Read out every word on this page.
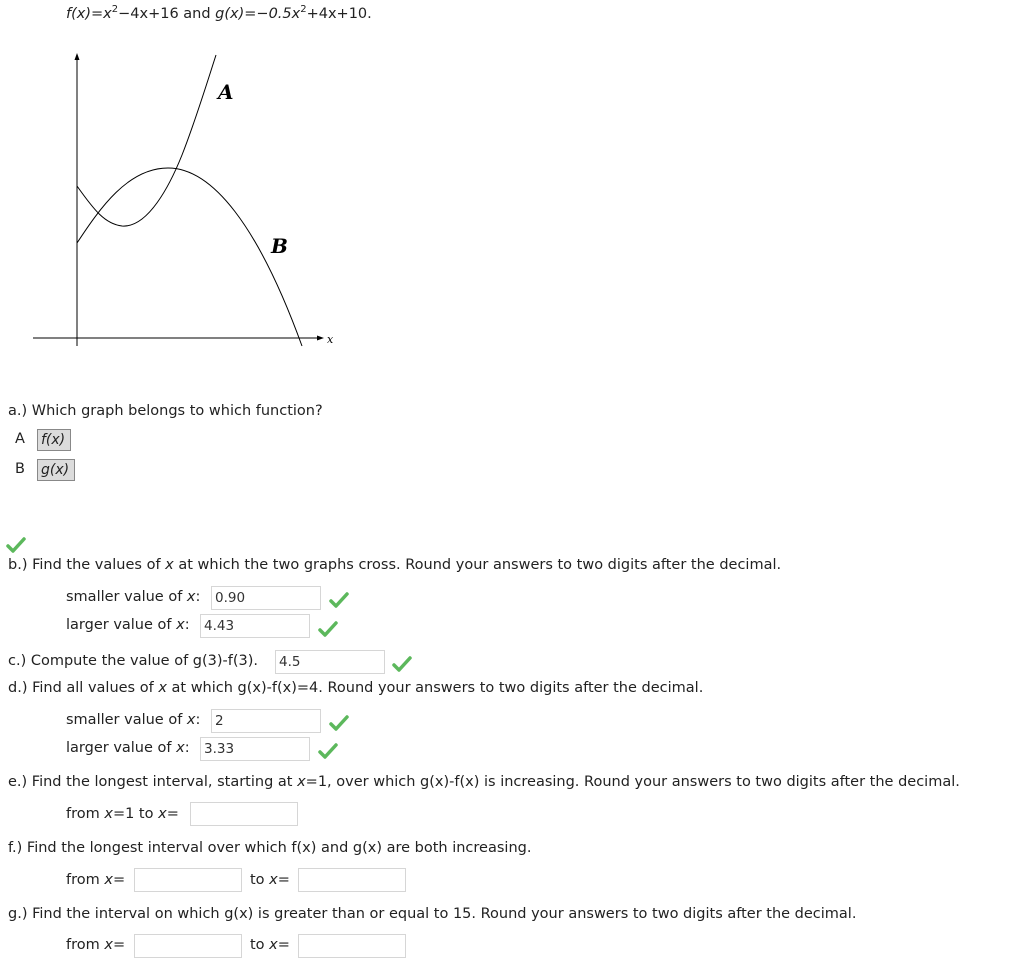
$f(x)=x^2-4x+16$ and $g(x)=-0.5x^2+4x+10$.
x
A
B
a.) Which graph belongs to which function?
A f(x)
B g(x)
b.) Find the values of x at which the two graphs cross. Round your answers to two digits after the decimal.
smaller value of x: 0.90
larger value of x: 4.43
c.) Compute the value of g(3)-f(3). 4.5
d.) Find all values of x at which g(x)-f(x)=4. Round your answers to two digits after the decimal.
smaller value of x: 2
larger value of x: 3.33
e.) Find the longest interval, starting at x=1, over which g(x)-f(x) is increasing. Round your answers to two digits after the decimal.
from x=1 to x=
f.) Find the longest interval over which f(x) and g(x) are both increasing.
from x=	to x=
g.) Find the interval on which g(x) is greater than or equal to 15. Round your answers to two digits after the decimal.
from x=	to x=
